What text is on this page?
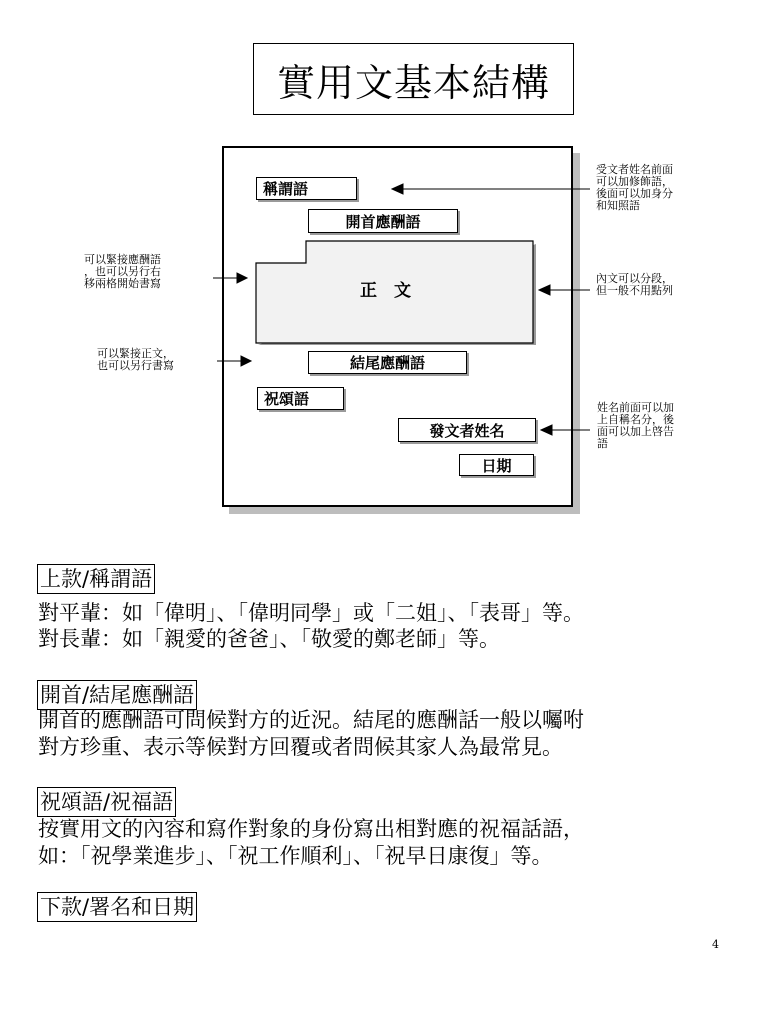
實用文基本結構
稱謂語
開首應酬語
正　文
結尾應酬語
祝頌語
發文者姓名
日期
受文者姓名前面
可以加修飾語，
後面可以加身分
和知照語
可以緊接應酬語
，也可以另行右
移兩格開始書寫	內文可以分段，
但一般不用點列
可以緊接正文，
也可以另行書寫
姓名前面可以加
上自稱名分，後
面可以加上啓告
語
上款/稱謂語
對平輩：如「偉明」、「偉明同學」或「二姐」、「表哥」等。
對長輩：如「親愛的爸爸」、「敬愛的鄭老師」等。
開首/結尾應酬語
開首的應酬語可問候對方的近況。結尾的應酬話一般以囑咐
對方珍重、表示等候對方回覆或者問候其家人為最常見。
祝頌語/祝福語
按實用文的內容和寫作對象的身份寫出相對應的祝福話語，
如：「祝學業進步」、「祝工作順利」、「祝早日康復」等。
下款/署名和日期
4
